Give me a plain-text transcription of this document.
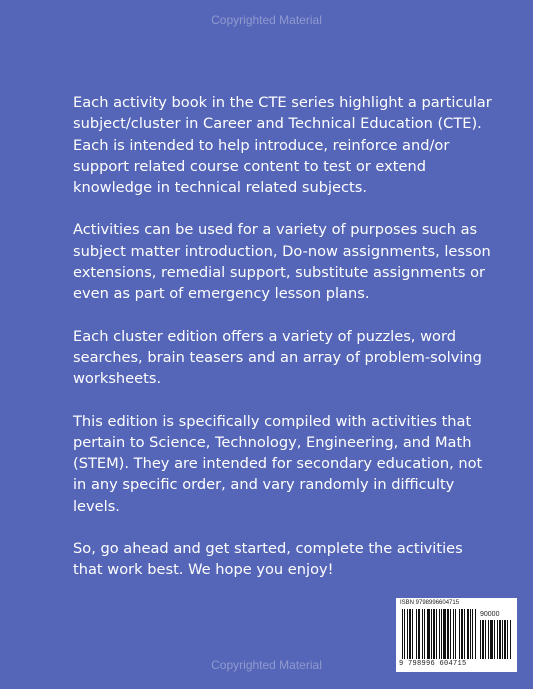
Copyrighted Material

Each activity book in the CTE series highlight a particular subject/cluster in Career and Technical Education (CTE). Each is intended to help introduce, reinforce and/or support related course content to test or extend knowledge in technical related subjects.

Activities can be used for a variety of purposes such as subject matter introduction, Do-now assignments, lesson extensions, remedial support, substitute assignments or even as part of emergency lesson plans.

Each cluster edition offers a variety of puzzles, word searches, brain teasers and an array of problem-solving worksheets.

This edition is specifically compiled with activities that pertain to Science, Technology, Engineering, and Math (STEM). They are intended for secondary education, not in any specific order, and vary randomly in difficulty levels.

So, go ahead and get started, complete the activities that work best. We hope you enjoy!

ISBN 9798996604715
90000
9 798996 604715
Copyrighted Material
